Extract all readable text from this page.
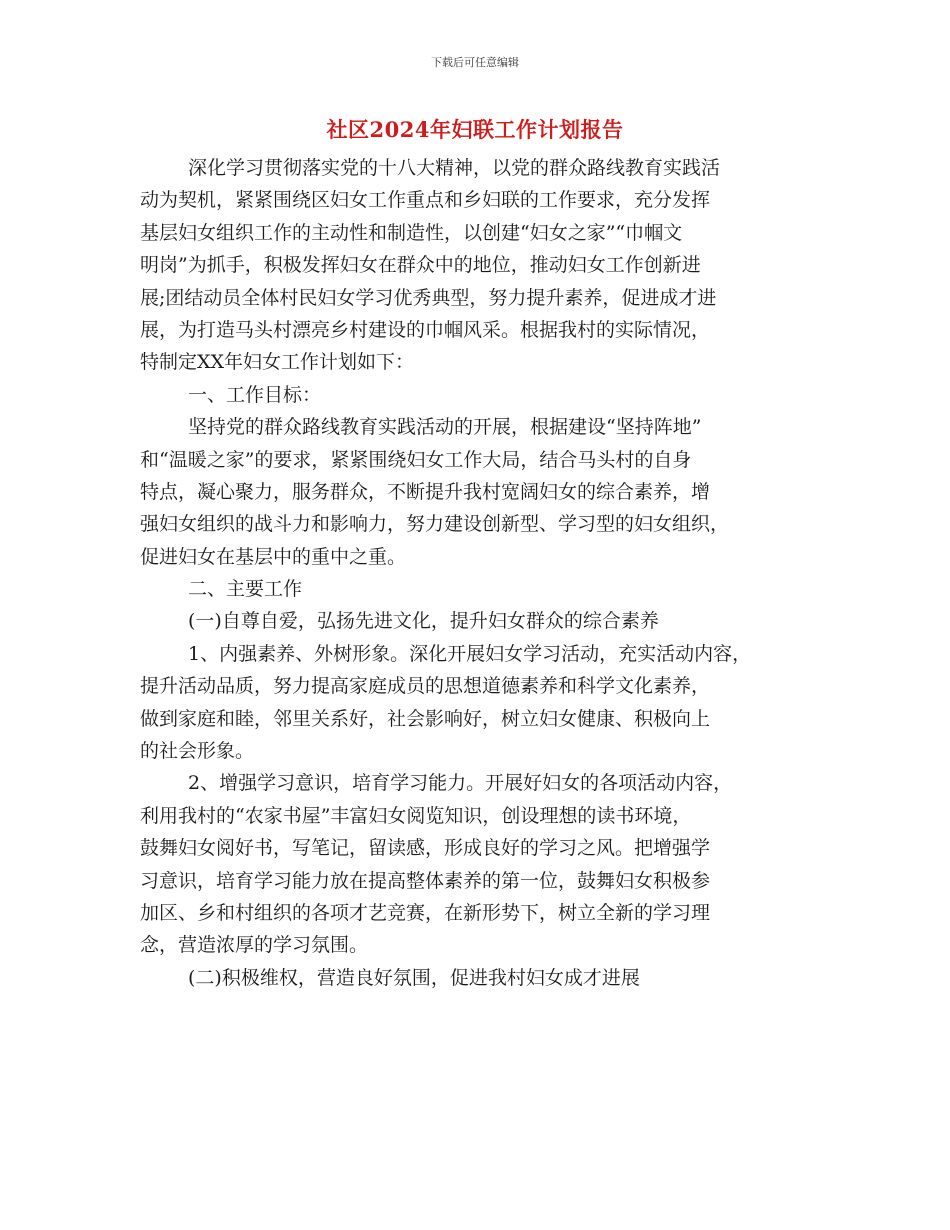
下载后可任意编辑
社区2024年妇联工作计划报告
深化学习贯彻落实党的十八大精神，以党的群众路线教育实践活
动为契机，紧紧围绕区妇女工作重点和乡妇联的工作要求，充分发挥
基层妇女组织工作的主动性和制造性，以创建“妇女之家”“巾帼文
明岗”为抓手，积极发挥妇女在群众中的地位，推动妇女工作创新进
展;团结动员全体村民妇女学习优秀典型，努力提升素养，促进成才进
展，为打造马头村漂亮乡村建设的巾帼风采。根据我村的实际情况，
特制定XX年妇女工作计划如下：
一、工作目标：
坚持党的群众路线教育实践活动的开展，根据建设“坚持阵地”
和“温暖之家”的要求，紧紧围绕妇女工作大局，结合马头村的自身
特点，凝心聚力，服务群众，不断提升我村宽阔妇女的综合素养，增
强妇女组织的战斗力和影响力，努力建设创新型、学习型的妇女组织，
促进妇女在基层中的重中之重。
二、主要工作
(一)自尊自爱，弘扬先进文化，提升妇女群众的综合素养
1、内强素养、外树形象。深化开展妇女学习活动，充实活动内容，
提升活动品质，努力提高家庭成员的思想道德素养和科学文化素养，
做到家庭和睦，邻里关系好，社会影响好，树立妇女健康、积极向上
的社会形象。
2、增强学习意识，培育学习能力。开展好妇女的各项活动内容，
利用我村的“农家书屋”丰富妇女阅览知识，创设理想的读书环境，
鼓舞妇女阅好书，写笔记，留读感，形成良好的学习之风。把增强学
习意识，培育学习能力放在提高整体素养的第一位，鼓舞妇女积极参
加区、乡和村组织的各项才艺竞赛，在新形势下，树立全新的学习理
念，营造浓厚的学习氛围。
(二)积极维权，营造良好氛围，促进我村妇女成才进展
